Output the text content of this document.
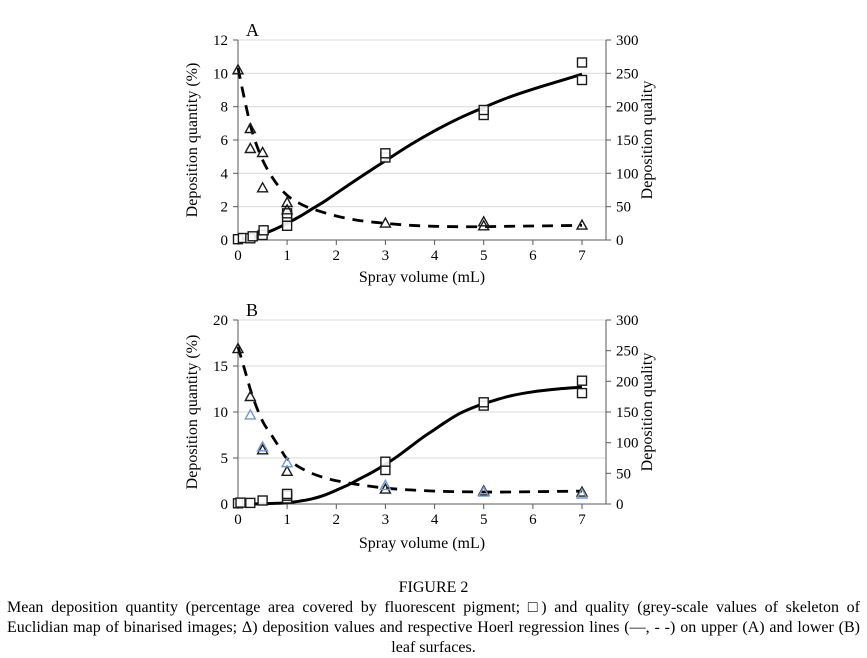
0
2
4
6
8
10
12
0
50
100
150
200
250
300
0	1	2	3	4	5	6	7
A
Spray volume (mL)
Deposition quantity (%)	Deposition quality
0
5
10
15
20
0
50
100
150
200
250
300
0	1	2	3	4	5	6	7
B
Spray volume (mL)
Deposition quantity (%)	Deposition quality

FIGURE 2

Mean deposition quantity (percentage area covered by fluorescent pigment; □) and quality (grey-scale values of skeleton of Euclidian map of binarised images; Δ) deposition values and respective Hoerl regression lines (—, - -) on upper (A) and lower (B) leaf surfaces.
